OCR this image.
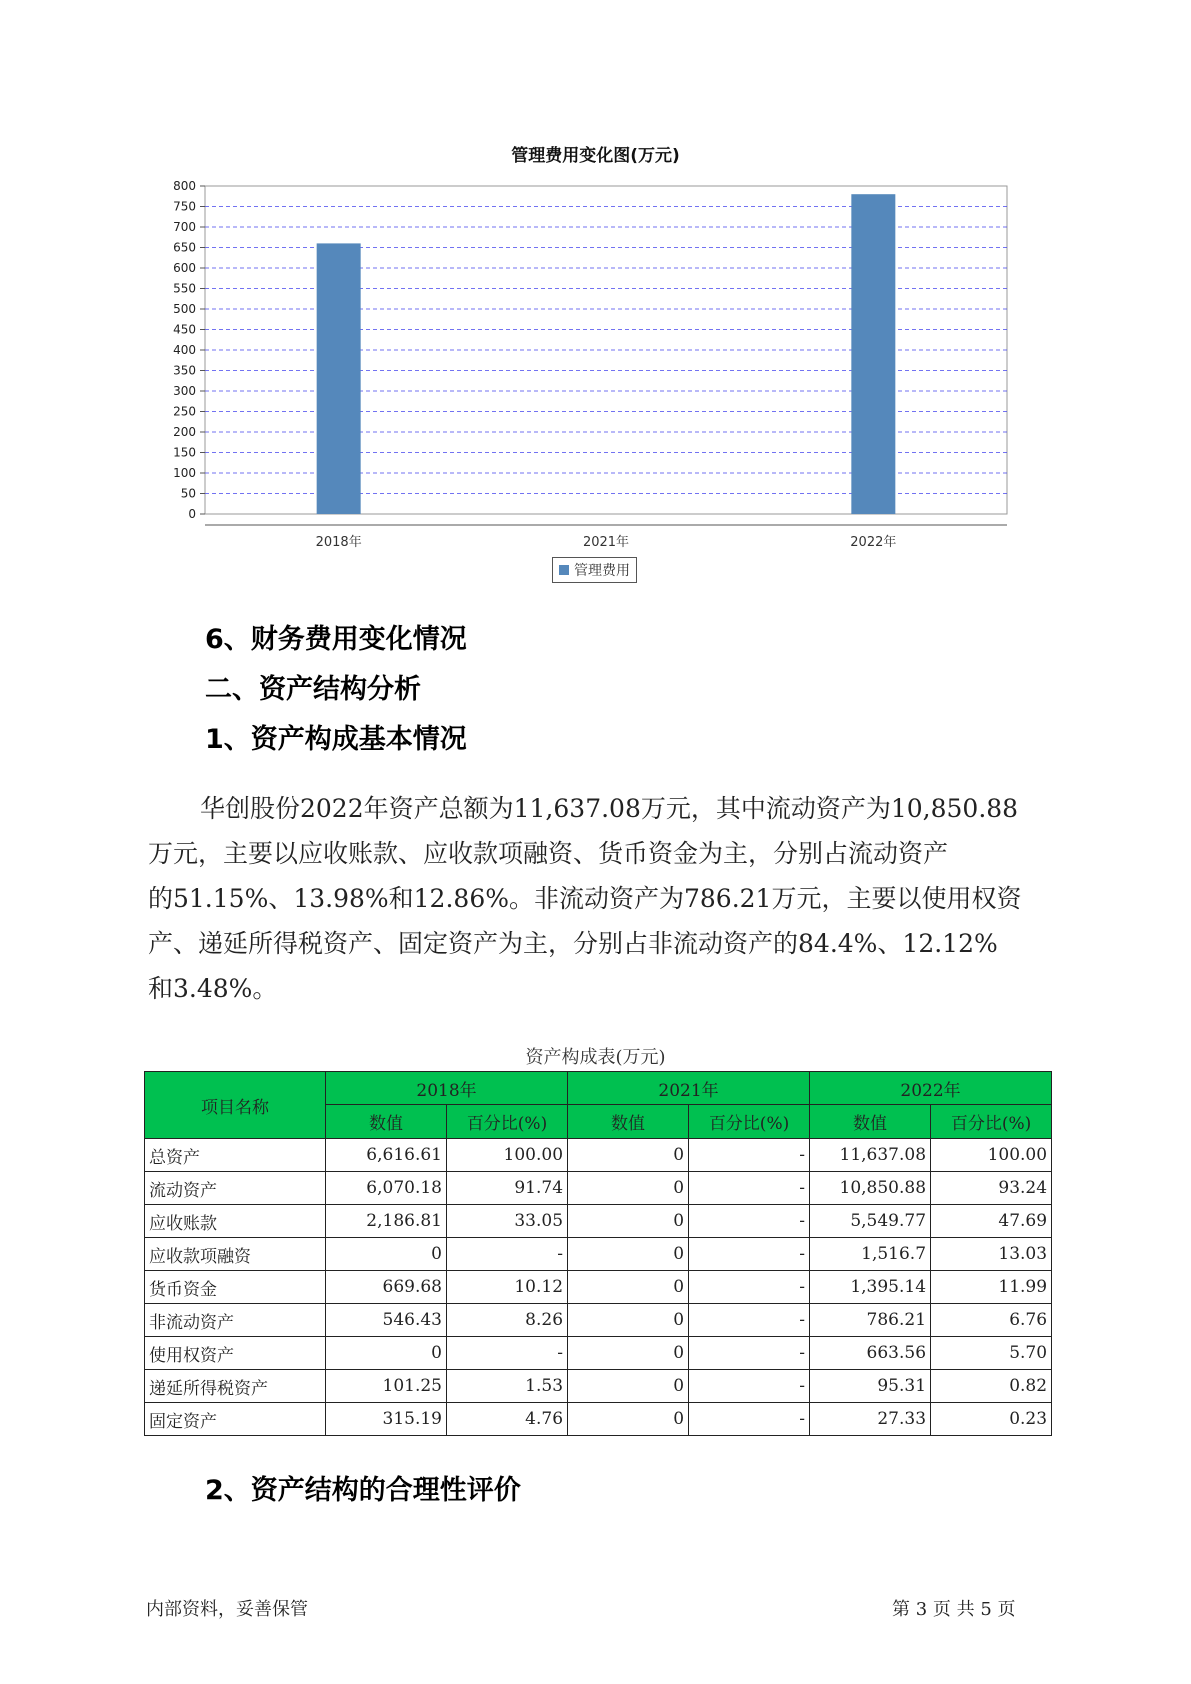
管理费用变化图(万元)
0
50
100
150
200
250
300
350
400
450
500
550
600
650
700
750
800
2018年	2021年	2022年
管理费用
6、财务费用变化情况
二、资产结构分析
1、资产构成基本情况
华创股份2022年资产总额为11,637.08万元，其中流动资产为10,850.88
万元，主要以应收账款、应收款项融资、货币资金为主，分别占流动资产
的51.15%、13.98%和12.86%。非流动资产为786.21万元，主要以使用权资
产、递延所得税资产、固定资产为主，分别占非流动资产的84.4%、12.12%
和3.48%。
资产构成表(万元)
项目名称	2018年		2021年		2022年	
	数值	百分比(%)	数值	百分比(%)	数值	百分比(%)
总资产	6,616.61	100.00	0	-	11,637.08	100.00
流动资产	6,070.18	91.74	0	-	10,850.88	93.24
应收账款	2,186.81	33.05	0	-	5,549.77	47.69
应收款项融资	0	-	0	-	1,516.7	13.03
货币资金	669.68	10.12	0	-	1,395.14	11.99
非流动资产	546.43	8.26	0	-	786.21	6.76
使用权资产	0	-	0	-	663.56	5.70
递延所得税资产	101.25	1.53	0	-	95.31	0.82
固定资产	315.19	4.76	0	-	27.33	0.23
2、资产结构的合理性评价
内部资料，妥善保管	第 3 页 共 5 页
